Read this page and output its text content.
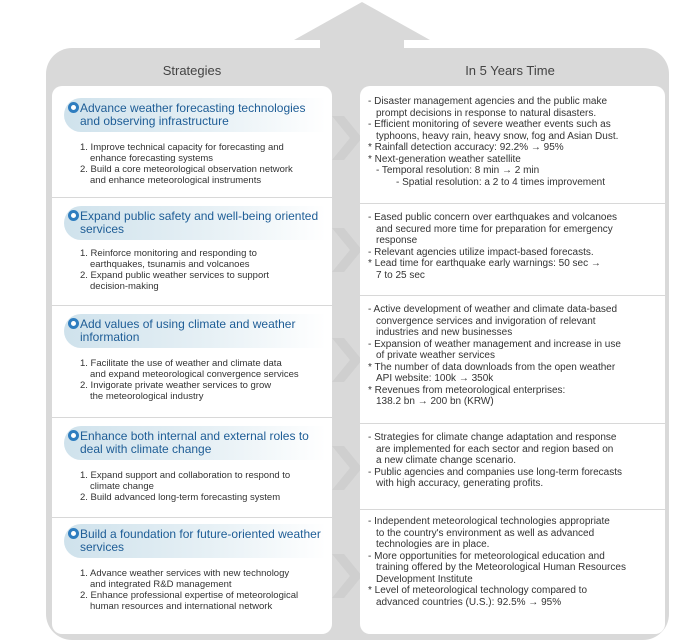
Strategies	In 5 Years Time
Advance weather forecasting technologies
and observing infrastructure
1. Improve technical capacity for forecasting and
enhance forecasting systems
2. Build a core meteorological observation network
and enhance meteorological instruments
Expand public safety and well-being oriented
services
1. Reinforce monitoring and responding to
earthquakes, tsunamis and volcanoes
2. Expand public weather services to support
decision-making
Add values of using climate and weather
information
1. Facilitate the use of weather and climate data
and expand meteorological convergence services
2. Invigorate private weather services to grow
the meteorological industry
Enhance both internal and external roles to
deal with climate change
1. Expand support and collaboration to respond to
climate change
2. Build advanced long-term forecasting system
Build a foundation for future-oriented weather
services
1. Advance weather services with new technology
and integrated R&D management
2. Enhance professional expertise of meteorological
human resources and international network
- Disaster management agencies and the public make
prompt decisions in response to natural disasters.
- Efficient monitoring of severe weather events such as
typhoons, heavy rain, heavy snow, fog and Asian Dust.
* Rainfall detection accuracy: 92.2% → 95%
* Next-generation weather satellite
- Temporal resolution: 8 min → 2 min
- Spatial resolution: a 2 to 4 times improvement
- Eased public concern over earthquakes and volcanoes
and secured more time for preparation for emergency
response
- Relevant agencies utilize impact-based forecasts.
* Lead time for earthquake early warnings: 50 sec →
7 to 25 sec
- Active development of weather and climate data-based
convergence services and invigoration of relevant
industries and new businesses
- Expansion of weather management and increase in use
of private weather services
* The number of data downloads from the open weather
API website: 100k → 350k
* Revenues from meteorological enterprises:
138.2 bn → 200 bn (KRW)
- Strategies for climate change adaptation and response
are implemented for each sector and region based on
a new climate change scenario.
- Public agencies and companies use long-term forecasts
with high accuracy, generating profits.
- Independent meteorological technologies appropriate
to the country's environment as well as advanced
technologies are in place.
- More opportunities for meteorological education and
training offered by the Meteorological Human Resources
Development Institute
* Level of meteorological technology compared to
advanced countries (U.S.): 92.5% → 95%
